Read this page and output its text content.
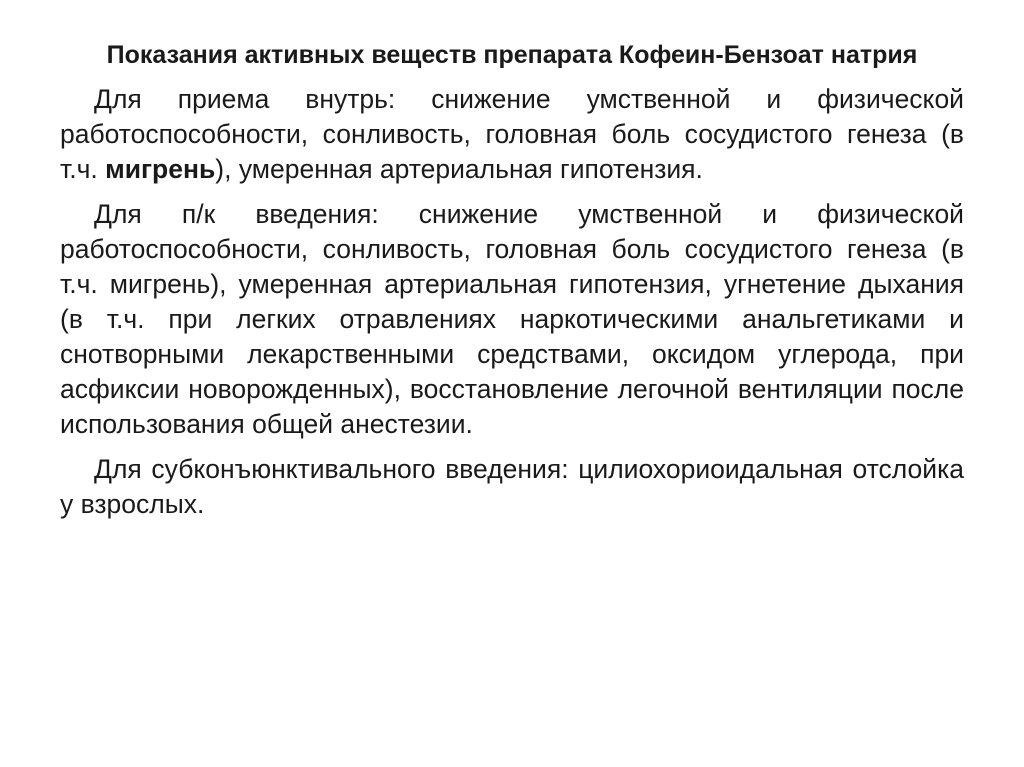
Показания активных веществ препарата Кофеин-Бензоат натрия

Для приема внутрь: снижение умственной и физической работоспособности, сонливость, головная боль сосудистого генеза (в т.ч. мигрень), умеренная артериальная гипотензия.

Для п/к введения: снижение умственной и физической работоспособности, сонливость, головная боль сосудистого генеза (в т.ч. мигрень), умеренная артериальная гипотензия, угнетение дыхания (в т.ч. при легких отравлениях наркотическими анальгетиками и снотворными лекарственными средствами, оксидом углерода, при асфиксии новорожденных), восстановление легочной вентиляции после использования общей анестезии.

Для субконъюнктивального введения: цилиохориоидальная отслойка у взрослых.
